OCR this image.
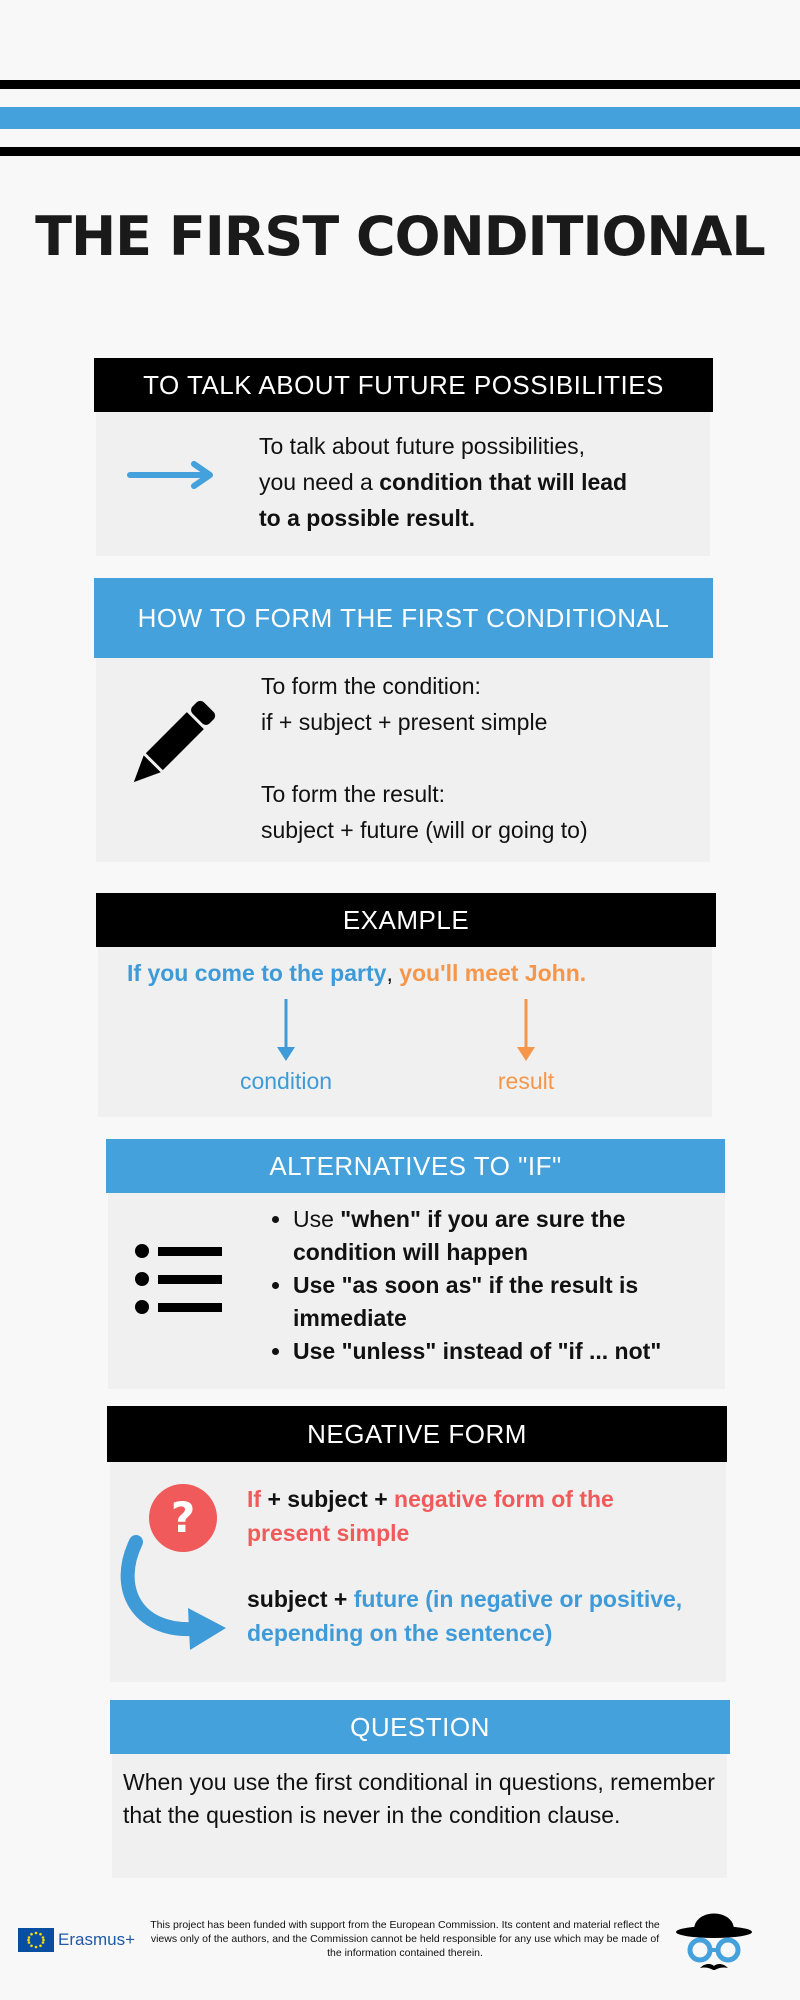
THE FIRST CONDITIONAL
TO TALK ABOUT FUTURE POSSIBILITIES
To talk about future possibilities,
you need a condition that will lead
to a possible result.
HOW TO FORM THE FIRST CONDITIONAL
To form the condition:
if + subject + present simple

To form the result:
subject + future (will or going to)
EXAMPLE
If you come to the party, you'll meet John.
condition	result
ALTERNATIVES TO "IF"
• Use "when" if you are sure the condition will happen
• Use "as soon as" if the result is immediate
• Use "unless" instead of "if ... not"
NEGATIVE FORM
? If + subject + negative form of the present simple
subject + future (in negative or positive, depending on the sentence)
QUESTION
When you use the first conditional in questions, remember that the question is never in the condition clause.
Erasmus+
This project has been funded with support from the European Commission. Its content and material reflect the views only of the authors, and the Commission cannot be held responsible for any use which may be made of the information contained therein.
